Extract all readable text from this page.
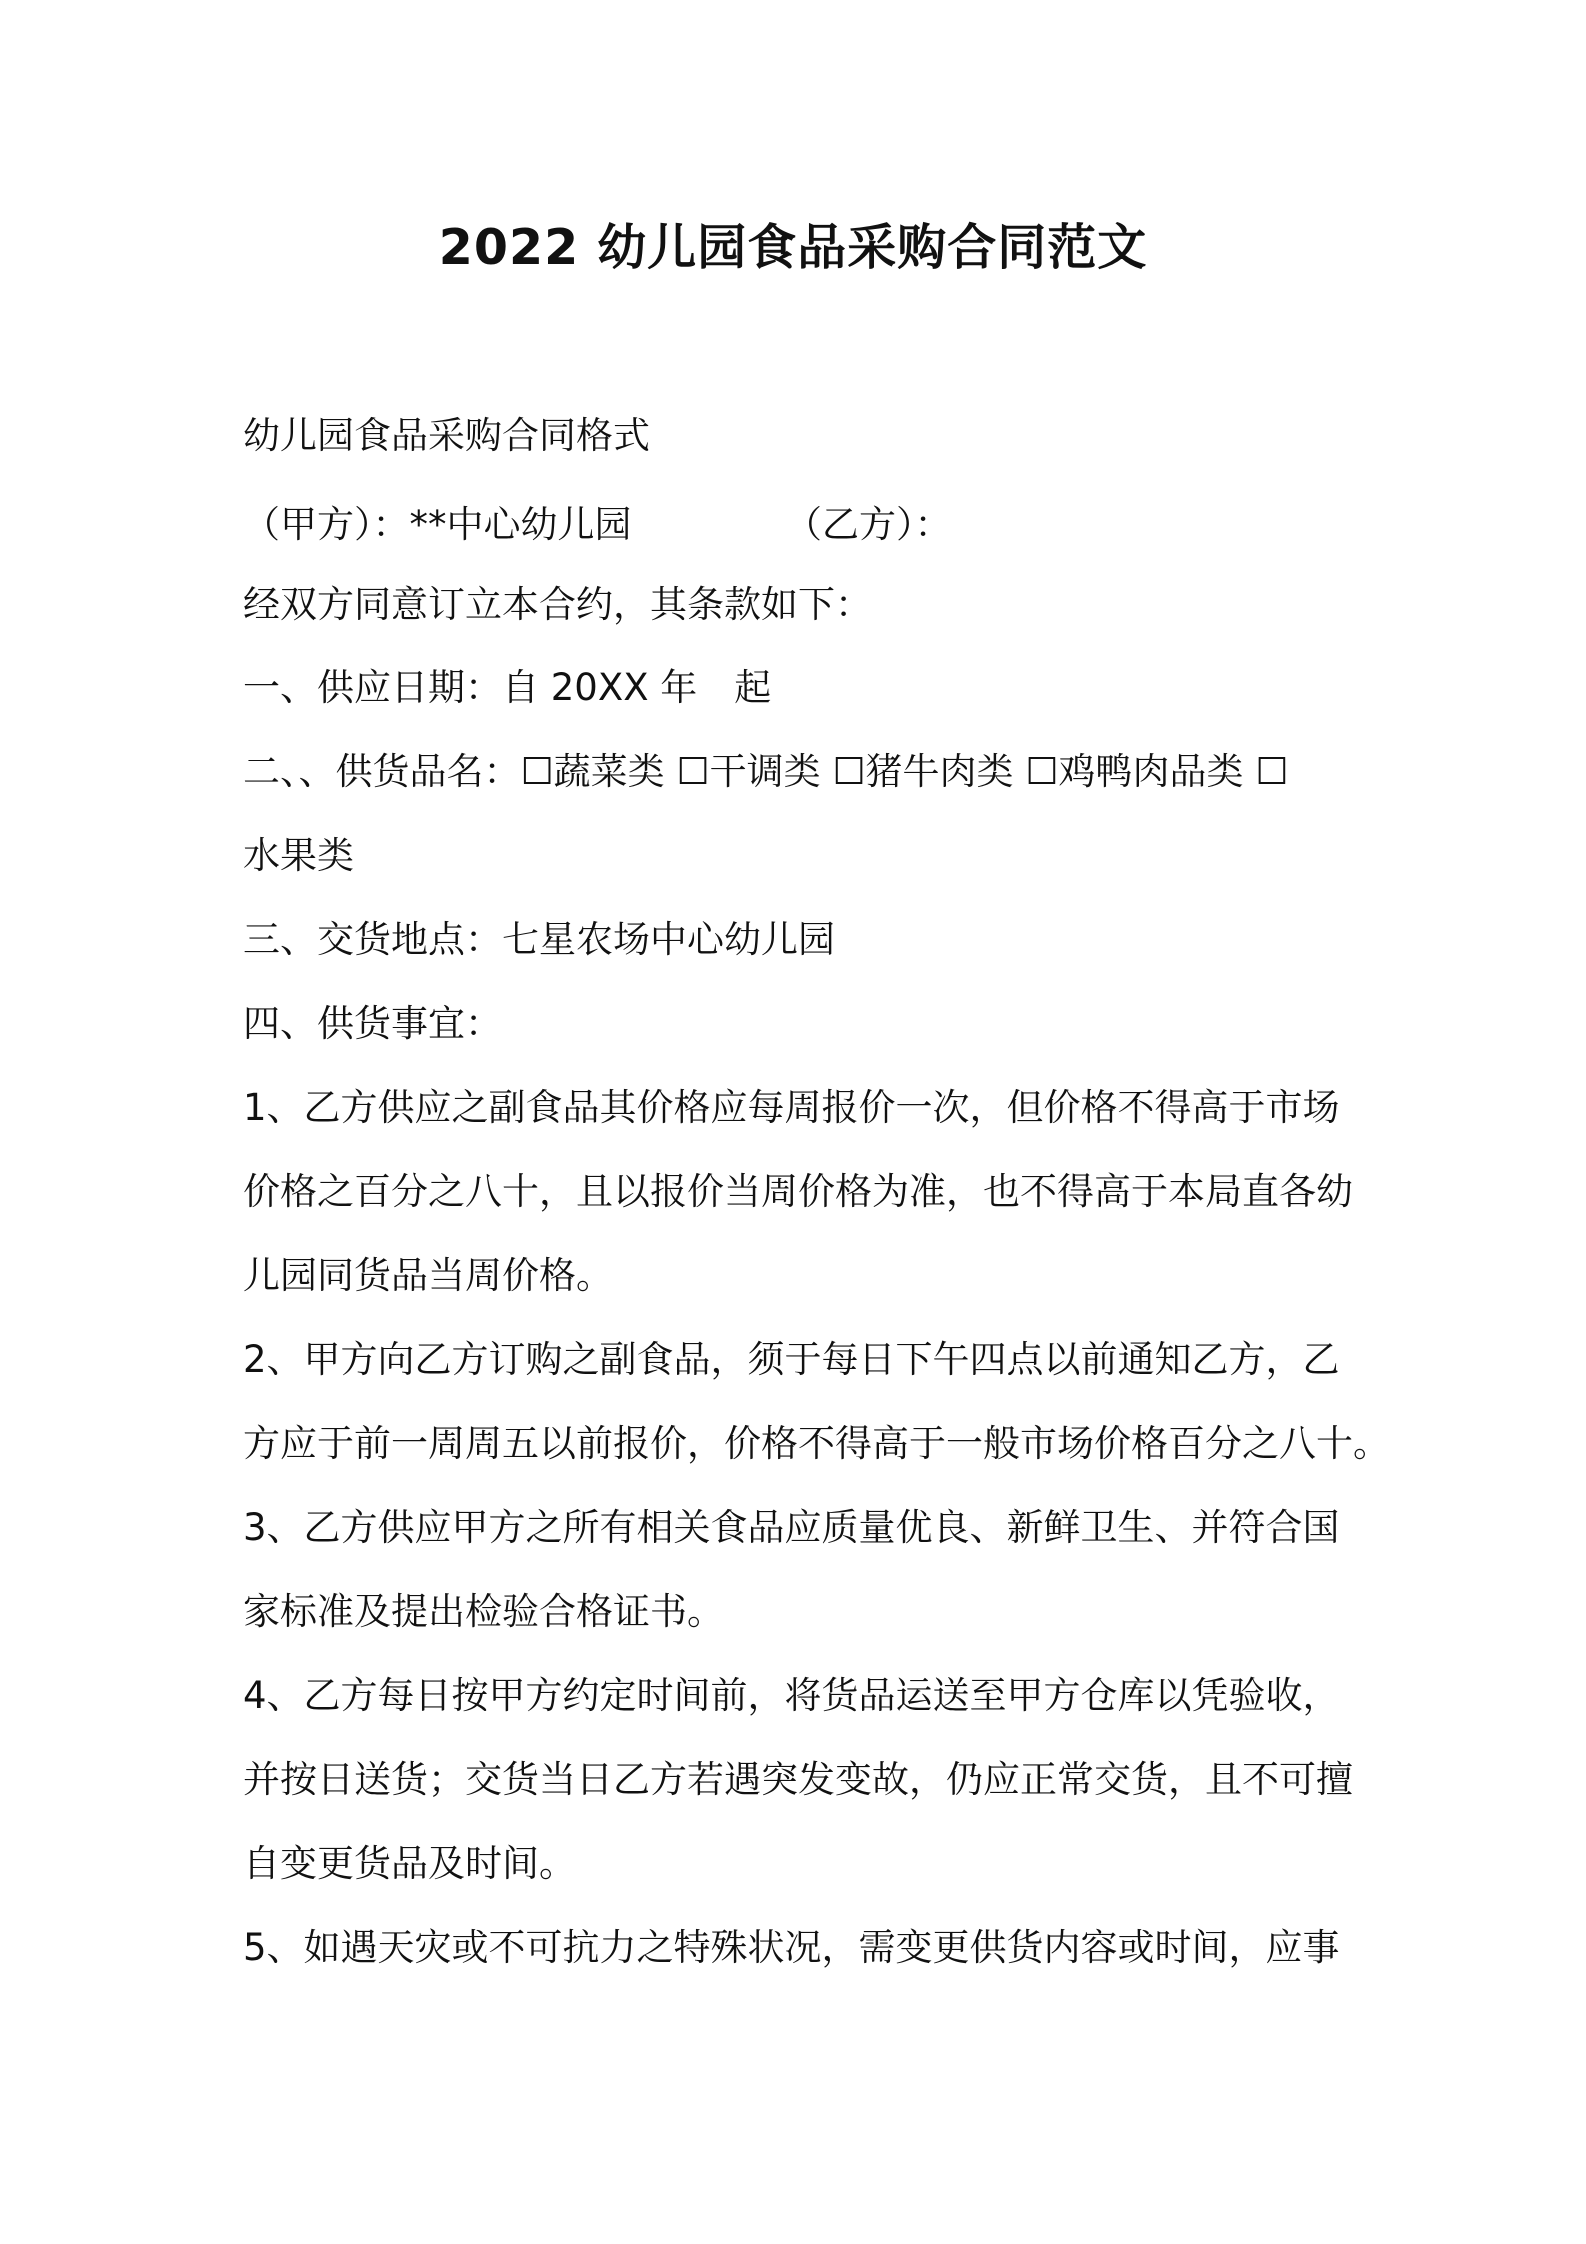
2022 幼儿园食品采购合同范文
幼儿园食品采购合同格式
（甲方）：**中心幼儿园	（乙方）：
经双方同意订立本合约，其条款如下：
一、供应日期：自 20XX 年　起
二、、供货品名：☐蔬菜类 ☐干调类 ☐猪牛肉类 ☐鸡鸭肉品类 ☐
水果类
三、交货地点：七星农场中心幼儿园
四、供货事宜：
1、乙方供应之副食品其价格应每周报价一次，但价格不得高于市场
价格之百分之八十，且以报价当周价格为准，也不得高于本局直各幼
儿园同货品当周价格。
2、甲方向乙方订购之副食品，须于每日下午四点以前通知乙方，乙
方应于前一周周五以前报价，价格不得高于一般市场价格百分之八十。
3、乙方供应甲方之所有相关食品应质量优良、新鲜卫生、并符合国
家标准及提出检验合格证书。
4、乙方每日按甲方约定时间前，将货品运送至甲方仓库以凭验收，
并按日送货；交货当日乙方若遇突发变故，仍应正常交货，且不可擅
自变更货品及时间。
5、如遇天灾或不可抗力之特殊状况，需变更供货内容或时间，应事
